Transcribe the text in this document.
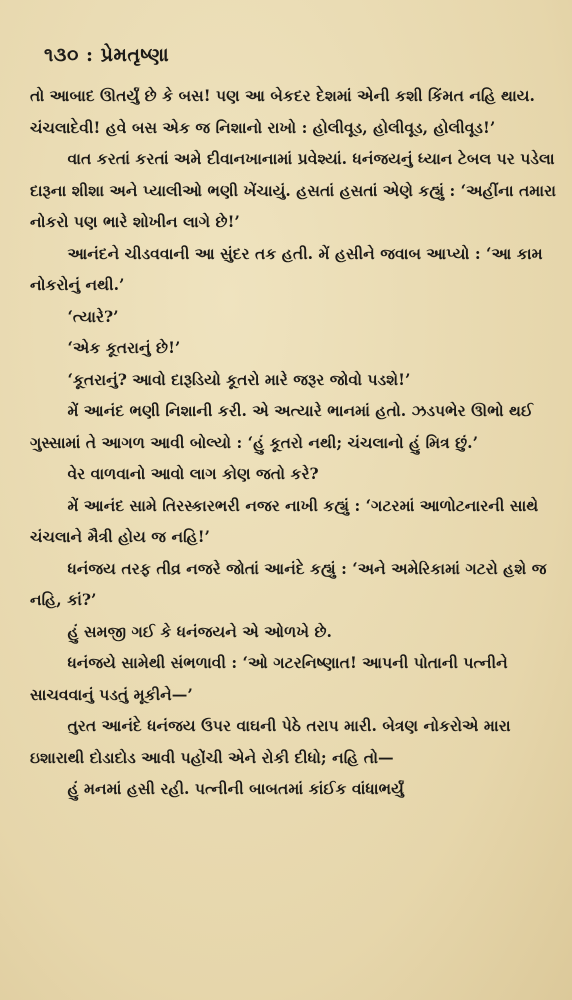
૧૩૦ : પ્રેમતૃષ્ણા

તો આબાદ ઊતર્યું છે કે બસ! પણ આ બેકદર દેશમાં એની કશી કિંમત નહિ થાય. ચંચલાદેવી! હવે બસ એક જ નિશાનો રાખો : હોલીવૂડ, હોલીવૂડ, હોલીવૂડ!’

વાત કરતાં કરતાં અમે દીવાનખાનામાં પ્રવેશ્યાં. ધનંજયનું ધ્યાન ટેબલ પર પડેલા દારૂના શીશા અને પ્યાલીઓ ભણી ખેંચાયું. હસતાં હસતાં એણે કહ્યું : ‘અહીંના તમારા નોકરો પણ ભારે શોખીન લાગે છે!’

આનંદને ચીડવવાની આ સુંદર તક હતી. મેં હસીને જવાબ આપ્યો : ‘આ કામ નોકરોનું નથી.’

‘ત્યારે?’

‘એક કૂતરાનું છે!’

‘કૂતરાનું? આવો દારૂડિયો કૂતરો મારે જરૂર જોવો પડશે!’

મેં આનંદ ભણી નિશાની કરી. એ અત્યારે ભાનમાં હતો. ઝડપભેર ઊભો થઈ ગુસ્સામાં તે આગળ આવી બોલ્યો : ‘હું કૂતરો નથી; ચંચલાનો હું મિત્ર છું.’

વેર વાળવાનો આવો લાગ કોણ જતો કરે?

મેં આનંદ સામે તિરસ્કારભરી નજર નાખી કહ્યું : ‘ગટરમાં આળોટનારની સાથે ચંચલાને મૈત્રી હોય જ નહિ!’

ધનંજય તરફ તીવ્ર નજરે જોતાં આનંદે કહ્યું : ‘અને અમેરિકામાં ગટરો હશે જ નહિ, કાં?’

હું સમજી ગઈ કે ધનંજયને એ ઓળખે છે.

ધનંજયે સામેથી સંભળાવી : ‘ઓ ગટરનિષ્ણાત! આપની પોતાની પત્નીને સાચવવાનું પડતું મૂકીને—’

તુરત આનંદે ધનંજય ઉપર વાઘની પેઠે તરાપ મારી. બેત્રણ નોકરોએ મારા ઇશારાથી દોડાદોડ આવી પહોંચી એને રોકી દીધો; નહિ તો—

હું મનમાં હસી રહી. પત્નીની બાબતમાં કાંઈક વાંધાભર્યું
